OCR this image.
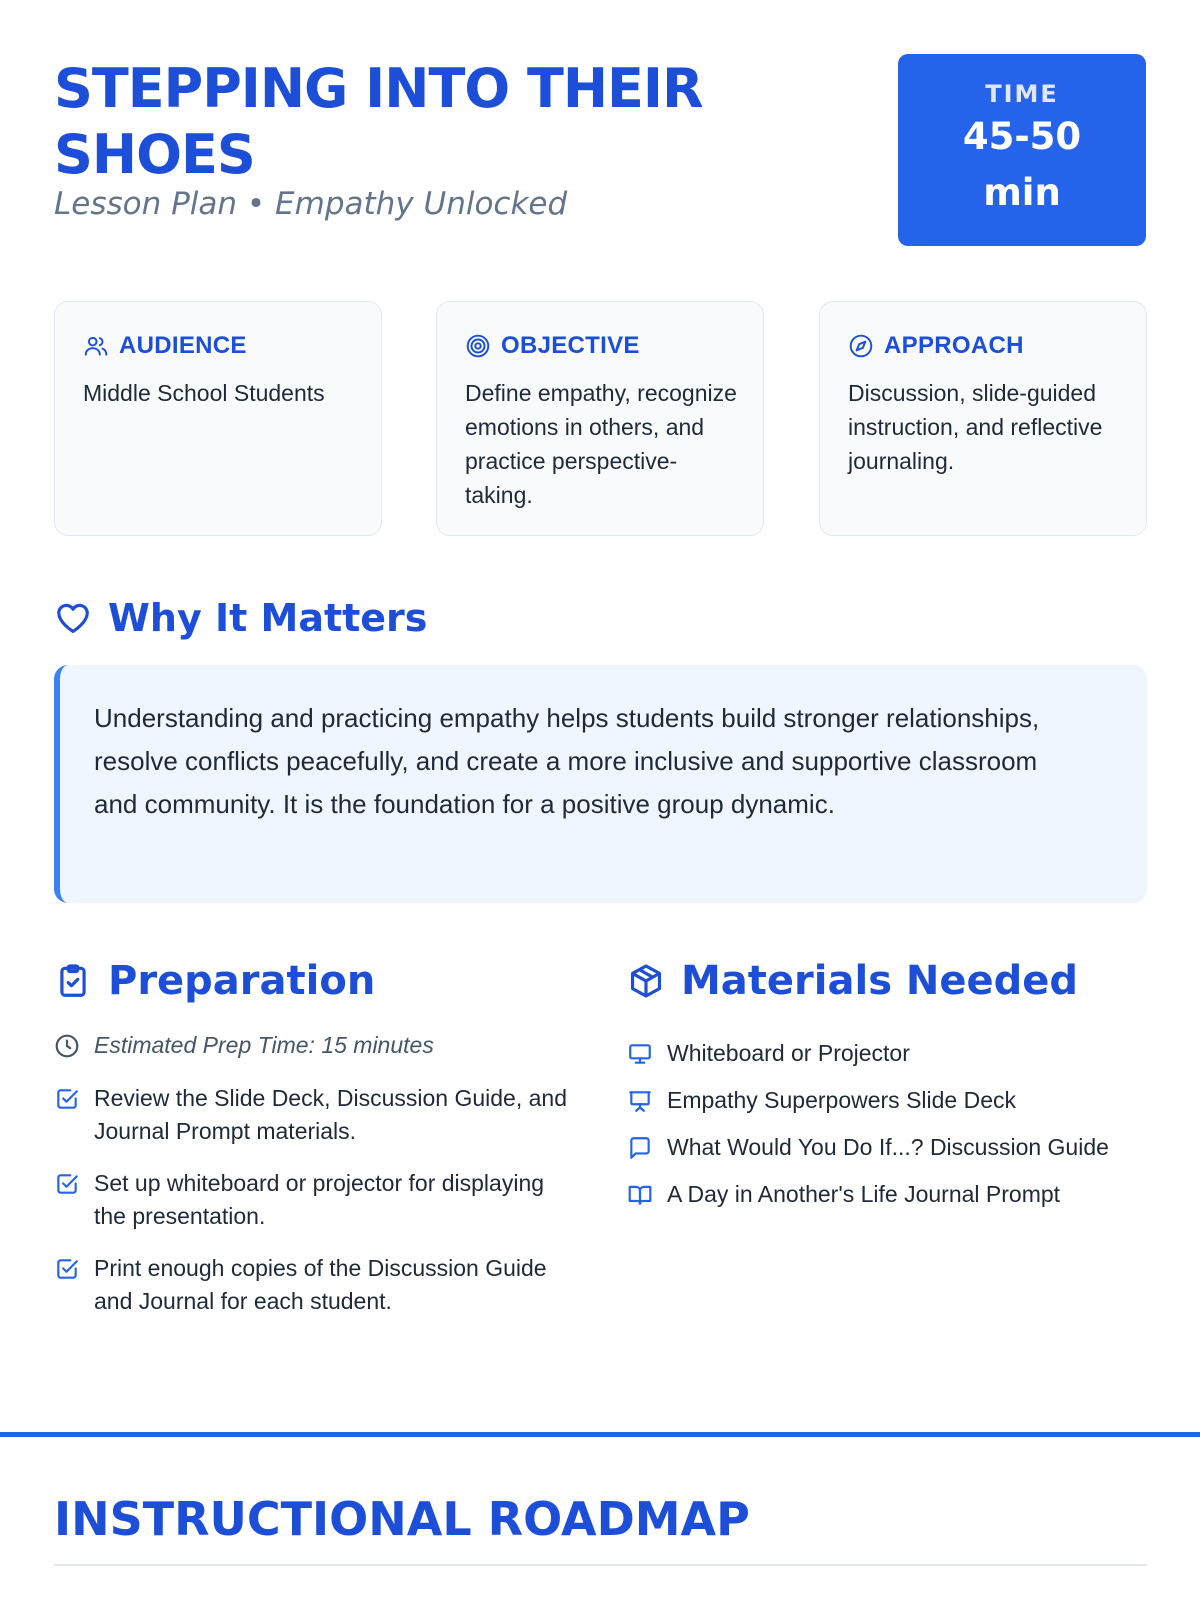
STEPPING INTO THEIR SHOES
Lesson Plan • Empathy Unlocked
TIME
45-50
min
AUDIENCE
Middle School Students
OBJECTIVE
Define empathy, recognize emotions in others, and practice perspective-taking.
APPROACH
Discussion, slide-guided instruction, and reflective journaling.
Why It Matters
Understanding and practicing empathy helps students build stronger relationships, resolve conflicts peacefully, and create a more inclusive and supportive classroom and community. It is the foundation for a positive group dynamic.
Preparation
Estimated Prep Time: 15 minutes
Review the Slide Deck, Discussion Guide, and Journal Prompt materials.
Set up whiteboard or projector for displaying the presentation.
Print enough copies of the Discussion Guide and Journal for each student.
Materials Needed
Whiteboard or Projector
Empathy Superpowers Slide Deck
What Would You Do If...? Discussion Guide
A Day in Another's Life Journal Prompt
INSTRUCTIONAL ROADMAP
